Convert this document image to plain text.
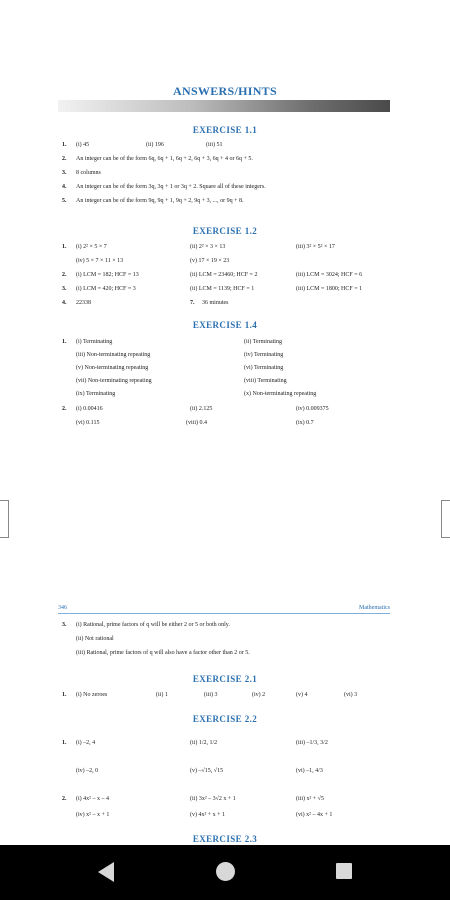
ANSWERS/HINTS
EXERCISE 1.1
1. (i) 45	(ii) 196	(iii) 51
2. An integer can be of the form 6q, 6q + 1, 6q + 2, 6q + 3, 6q + 4 or 6q + 5.
3. 8 columns
4. An integer can be of the form 3q, 3q + 1 or 3q + 2. Square all of these integers.
5. An integer can be of the form 9q, 9q + 1, 9q + 2, 9q + 3, ..., or 9q + 8.
EXERCISE 1.2
1. (i) 2² × 5 × 7	(ii) 2² × 3 × 13	(iii) 3² × 5² × 17
(iv) 5 × 7 × 11 × 13	(v) 17 × 19 × 23
2. (i) LCM = 182; HCF = 13	(ii) LCM = 23460; HCF = 2	(iii) LCM = 3024; HCF = 6
3. (i) LCM = 420; HCF = 3	(ii) LCM = 1139; HCF = 1	(iii) LCM = 1800; HCF = 1
4. 22338	7. 36 minutes
EXERCISE 1.4
1. (i) Terminating	(ii) Terminating
(iii) Non-terminating repeating	(iv) Terminating
(v) Non-terminating repeating	(vi) Terminating
(vii) Non-terminating repeating	(viii) Terminating
(ix) Terminating	(x) Non-terminating repeating
2. (i) 0.00416	(ii) 2.125	(iv) 0.009375
(vi) 0.115	(viii) 0.4	(ix) 0.7
346	Mathematics
3. (i) Rational, prime factors of q will be either 2 or 5 or both only.
(ii) Not rational
(iii) Rational, prime factors of q will also have a factor other than 2 or 5.
EXERCISE 2.1
1. (i) No zeroes	(ii) 1	(iii) 3	(iv) 2	(v) 4	(vi) 3
EXERCISE 2.2
1. (i) –2, 4	(ii) 1/2, 1/2	(iii) –1/3, 3/2
(iv) –2, 0	(v) –√15, √15	(vi) –1, 4/3
2. (i) 4x² – x – 4	(ii) 3x² – 3√2 x + 1	(iii) x² + √5
(iv) x² – x + 1	(v) 4x² + x + 1	(vi) x² – 4x + 1
EXERCISE 2.3
